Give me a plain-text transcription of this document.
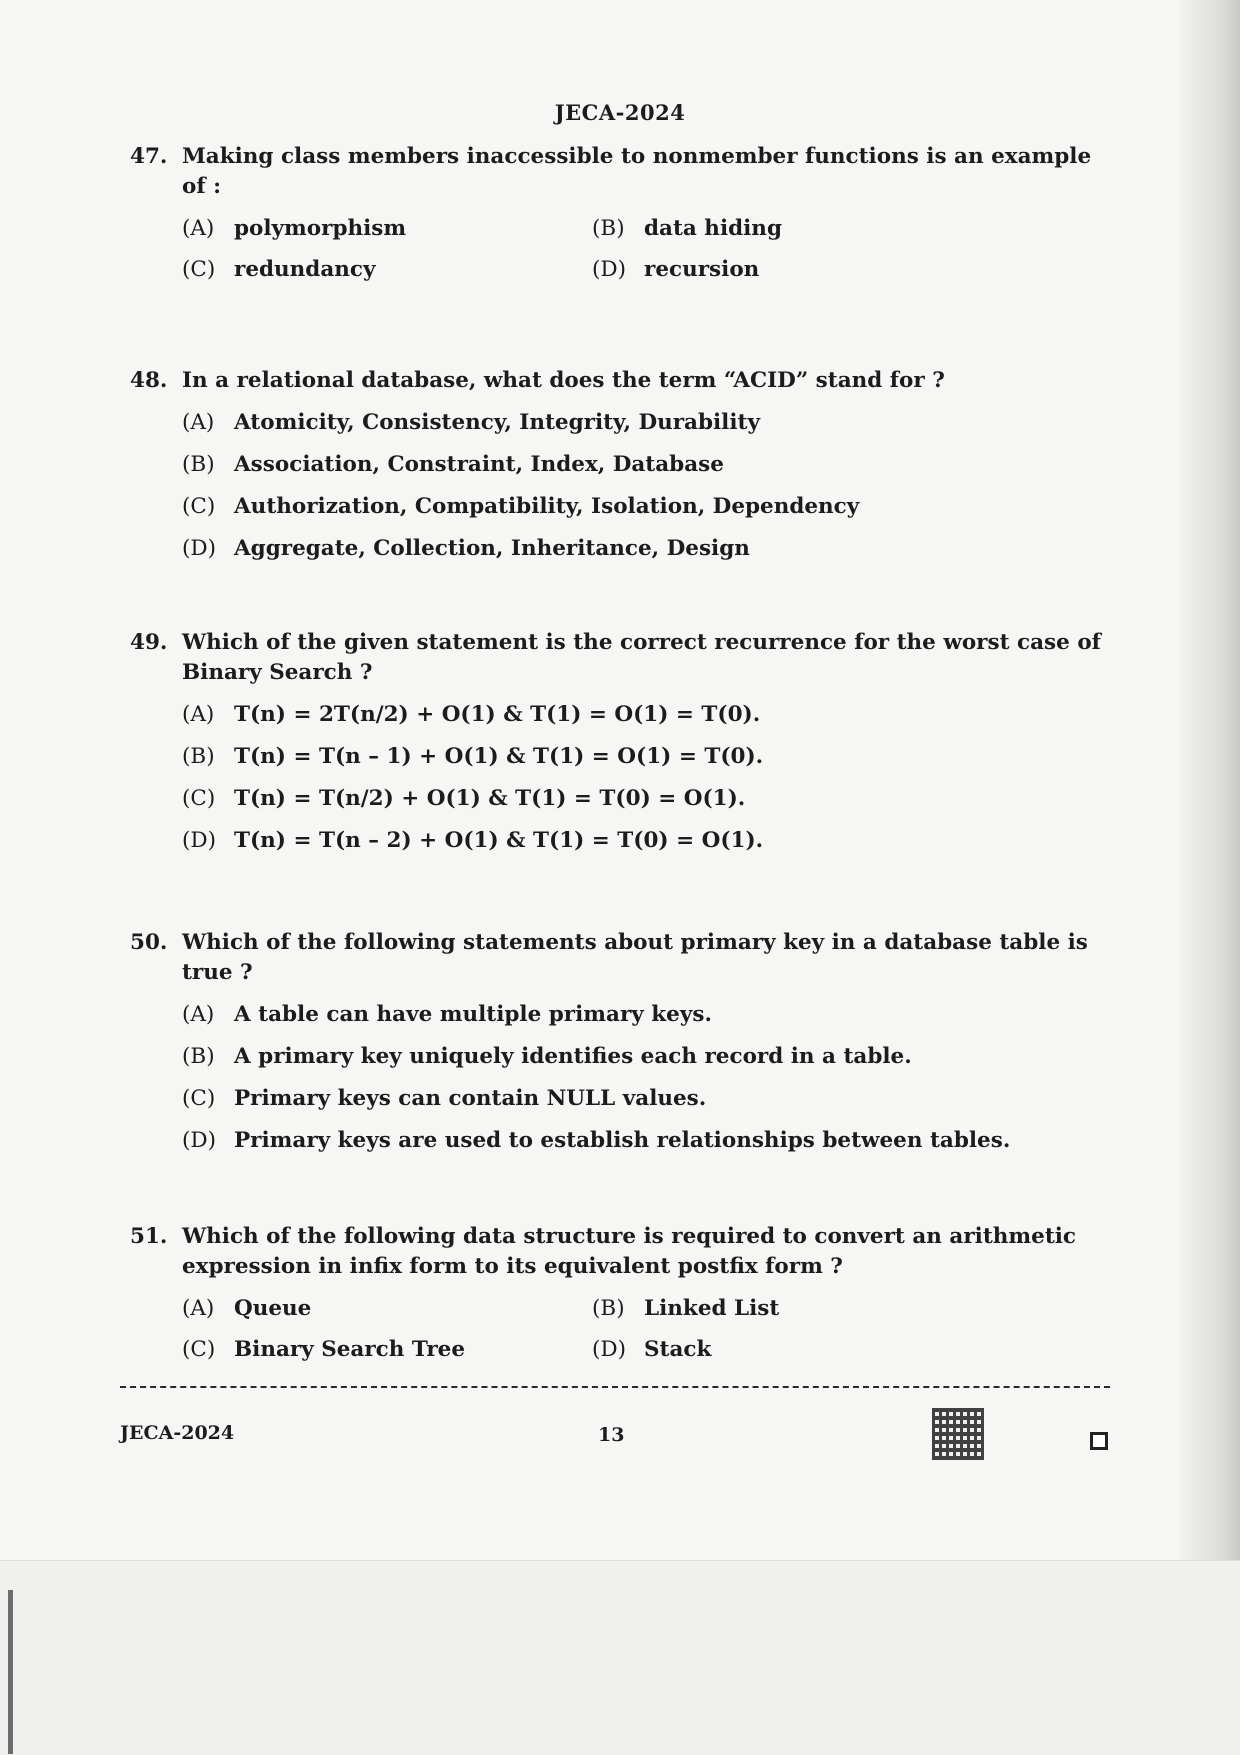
JECA-2024
47. Making class members inaccessible to nonmember functions is an example of :
(A) polymorphism	(B) data hiding
(C) redundancy	(D) recursion
48. In a relational database, what does the term “ACID” stand for ?
(A) Atomicity, Consistency, Integrity, Durability
(B) Association, Constraint, Index, Database
(C) Authorization, Compatibility, Isolation, Dependency
(D) Aggregate, Collection, Inheritance, Design
49. Which of the given statement is the correct recurrence for the worst case of Binary Search ?
(A) T(n) = 2T(n/2) + O(1) & T(1) = O(1) = T(0).
(B) T(n) = T(n – 1) + O(1) & T(1) = O(1) = T(0).
(C) T(n) = T(n/2) + O(1) & T(1) = T(0) = O(1).
(D) T(n) = T(n – 2) + O(1) & T(1) = T(0) = O(1).
50. Which of the following statements about primary key in a database table is true ?
(A) A table can have multiple primary keys.
(B) A primary key uniquely identifies each record in a table.
(C) Primary keys can contain NULL values.
(D) Primary keys are used to establish relationships between tables.
51. Which of the following data structure is required to convert an arithmetic expression in infix form to its equivalent postfix form ?
(A) Queue	(B) Linked List
(C) Binary Search Tree	(D) Stack
JECA-2024	13
